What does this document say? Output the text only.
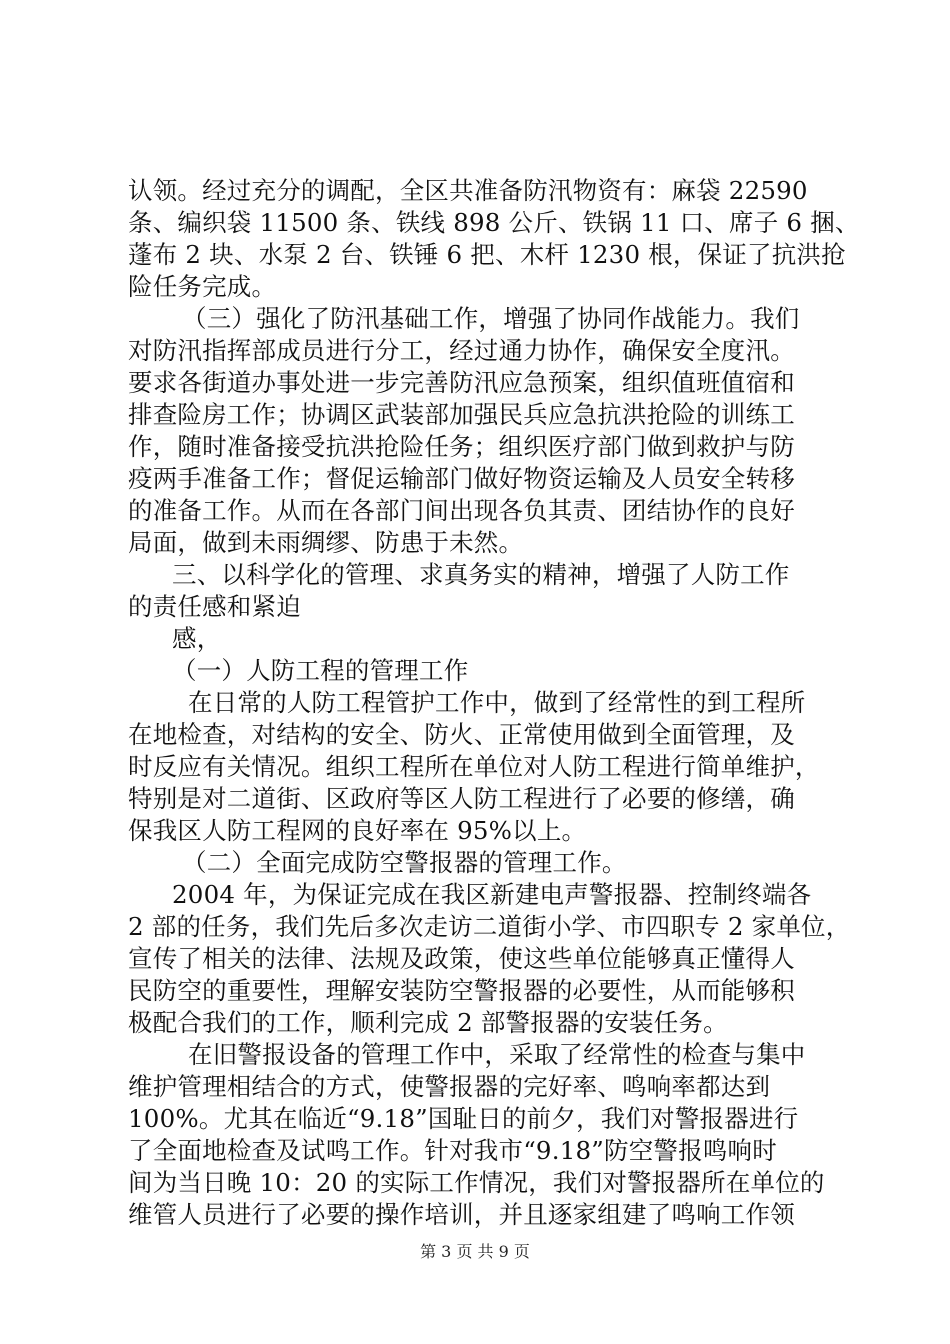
认领。经过充分的调配，全区共准备防汛物资有：麻袋 22590
条、编织袋 11500 条、铁线 898 公斤、铁锅 11 口、席子 6 捆、
蓬布 2 块、水泵 2 台、铁锤 6 把、木杆 1230 根，保证了抗洪抢
险任务完成。
（三）强化了防汛基础工作，增强了协同作战能力。我们
对防汛指挥部成员进行分工，经过通力协作，确保安全度汛。
要求各街道办事处进一步完善防汛应急预案，组织值班值宿和
排查险房工作；协调区武装部加强民兵应急抗洪抢险的训练工
作，随时准备接受抗洪抢险任务；组织医疗部门做到救护与防
疫两手准备工作；督促运输部门做好物资运输及人员安全转移
的准备工作。从而在各部门间出现各负其责、团结协作的良好
局面，做到未雨绸缪、防患于未然。
三、以科学化的管理、求真务实的精神，增强了人防工作
的责任感和紧迫
感，
（一）人防工程的管理工作
在日常的人防工程管护工作中，做到了经常性的到工程所
在地检查，对结构的安全、防火、正常使用做到全面管理，及
时反应有关情况。组织工程所在单位对人防工程进行简单维护，
特别是对二道街、区政府等区人防工程进行了必要的修缮，确
保我区人防工程网的良好率在 95%以上。
（二）全面完成防空警报器的管理工作。
2004 年，为保证完成在我区新建电声警报器、控制终端各
2 部的任务，我们先后多次走访二道街小学、市四职专 2 家单位，
宣传了相关的法律、法规及政策，使这些单位能够真正懂得人
民防空的重要性，理解安装防空警报器的必要性，从而能够积
极配合我们的工作，顺利完成 2 部警报器的安装任务。
在旧警报设备的管理工作中，采取了经常性的检查与集中
维护管理相结合的方式，使警报器的完好率、鸣响率都达到
100%。尤其在临近“9.18”国耻日的前夕，我们对警报器进行
了全面地检查及试鸣工作。针对我市“9.18”防空警报鸣响时
间为当日晚 10：20 的实际工作情况，我们对警报器所在单位的
维管人员进行了必要的操作培训，并且逐家组建了鸣响工作领
第 3 页 共 9 页
